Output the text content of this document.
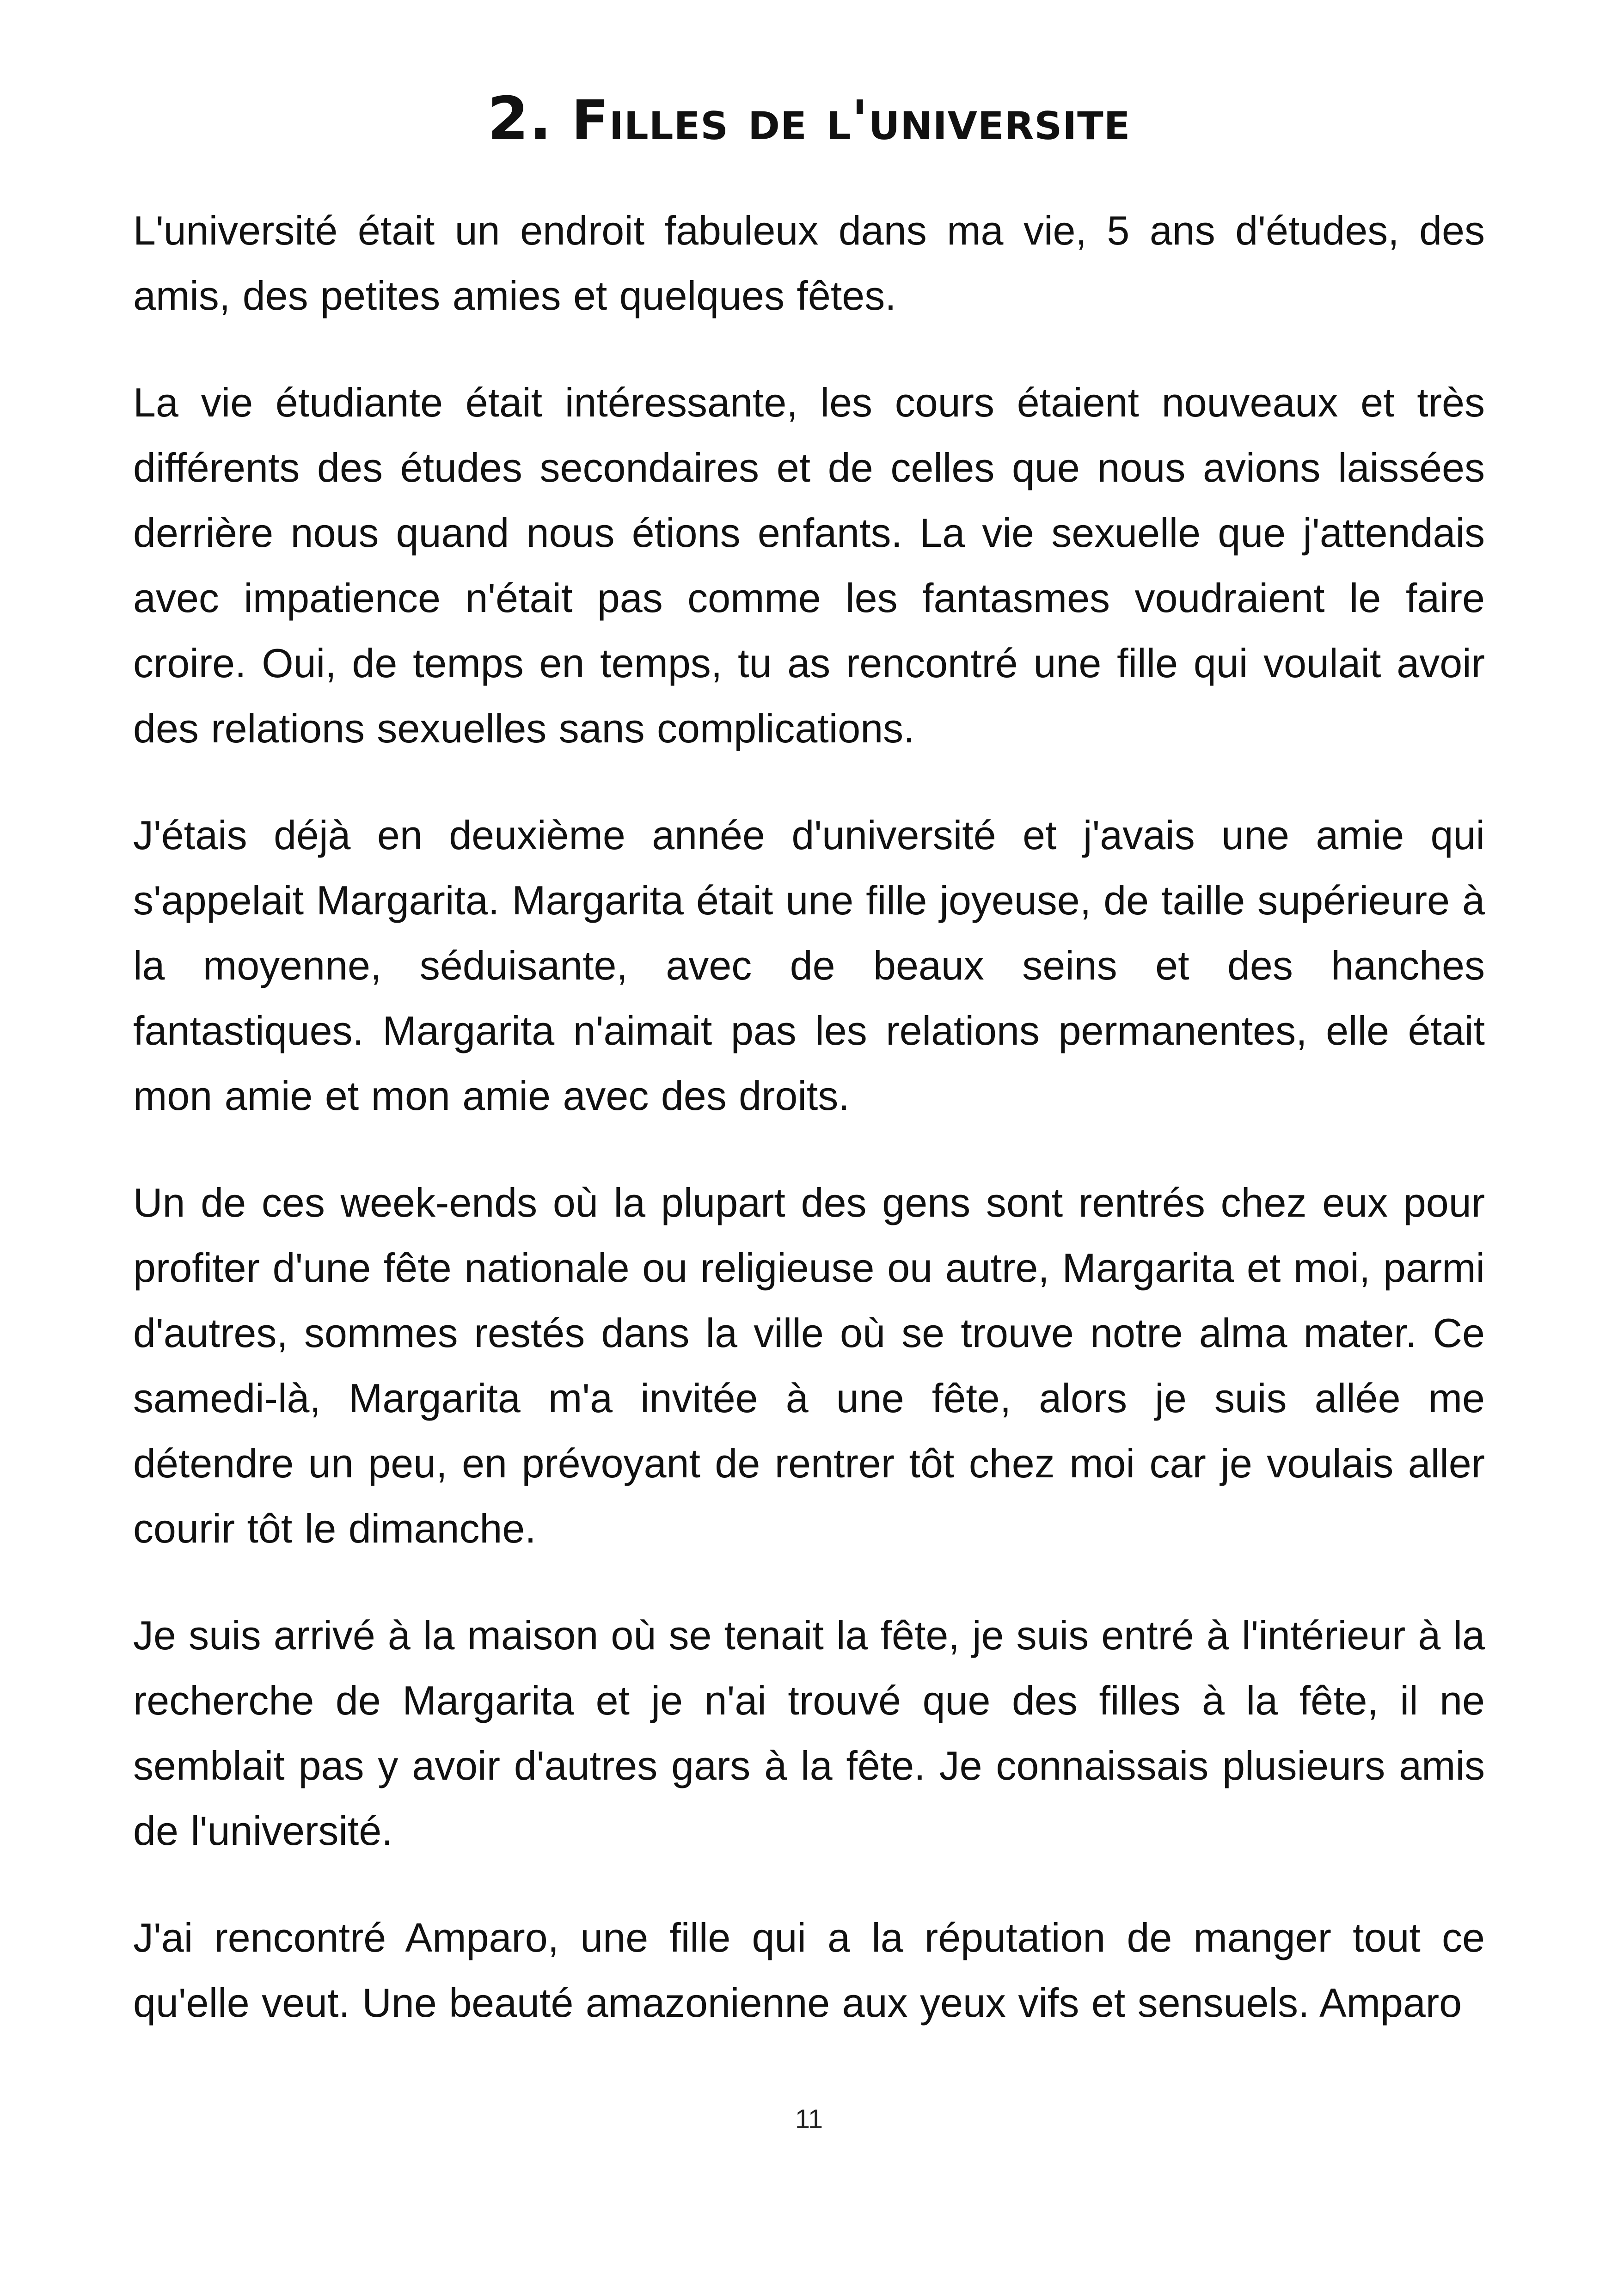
2. Filles de l'universite

L'université était un endroit fabuleux dans ma vie, 5 ans d'études, des amis, des petites amies et quelques fêtes.

La vie étudiante était intéressante, les cours étaient nouveaux et très différents des études secondaires et de celles que nous avions laissées derrière nous quand nous étions enfants. La vie sexuelle que j'attendais avec impatience n'était pas comme les fantasmes voudraient le faire croire. Oui, de temps en temps, tu as rencontré une fille qui voulait avoir des relations sexuelles sans complications.

J'étais déjà en deuxième année d'université et j'avais une amie qui s'appelait Margarita. Margarita était une fille joyeuse, de taille supérieure à la moyenne, séduisante, avec de beaux seins et des hanches fantastiques. Margarita n'aimait pas les relations permanentes, elle était mon amie et mon amie avec des droits.

Un de ces week-ends où la plupart des gens sont rentrés chez eux pour profiter d'une fête nationale ou religieuse ou autre, Margarita et moi, parmi d'autres, sommes restés dans la ville où se trouve notre alma mater. Ce samedi-là, Margarita m'a invitée à une fête, alors je suis allée me détendre un peu, en prévoyant de rentrer tôt chez moi car je voulais aller courir tôt le dimanche.

Je suis arrivé à la maison où se tenait la fête, je suis entré à l'intérieur à la recherche de Margarita et je n'ai trouvé que des filles à la fête, il ne semblait pas y avoir d'autres gars à la fête. Je connaissais plusieurs amis de l'université.

J'ai rencontré Amparo, une fille qui a la réputation de manger tout ce qu'elle veut. Une beauté amazonienne aux yeux vifs et sensuels. Amparo

11
